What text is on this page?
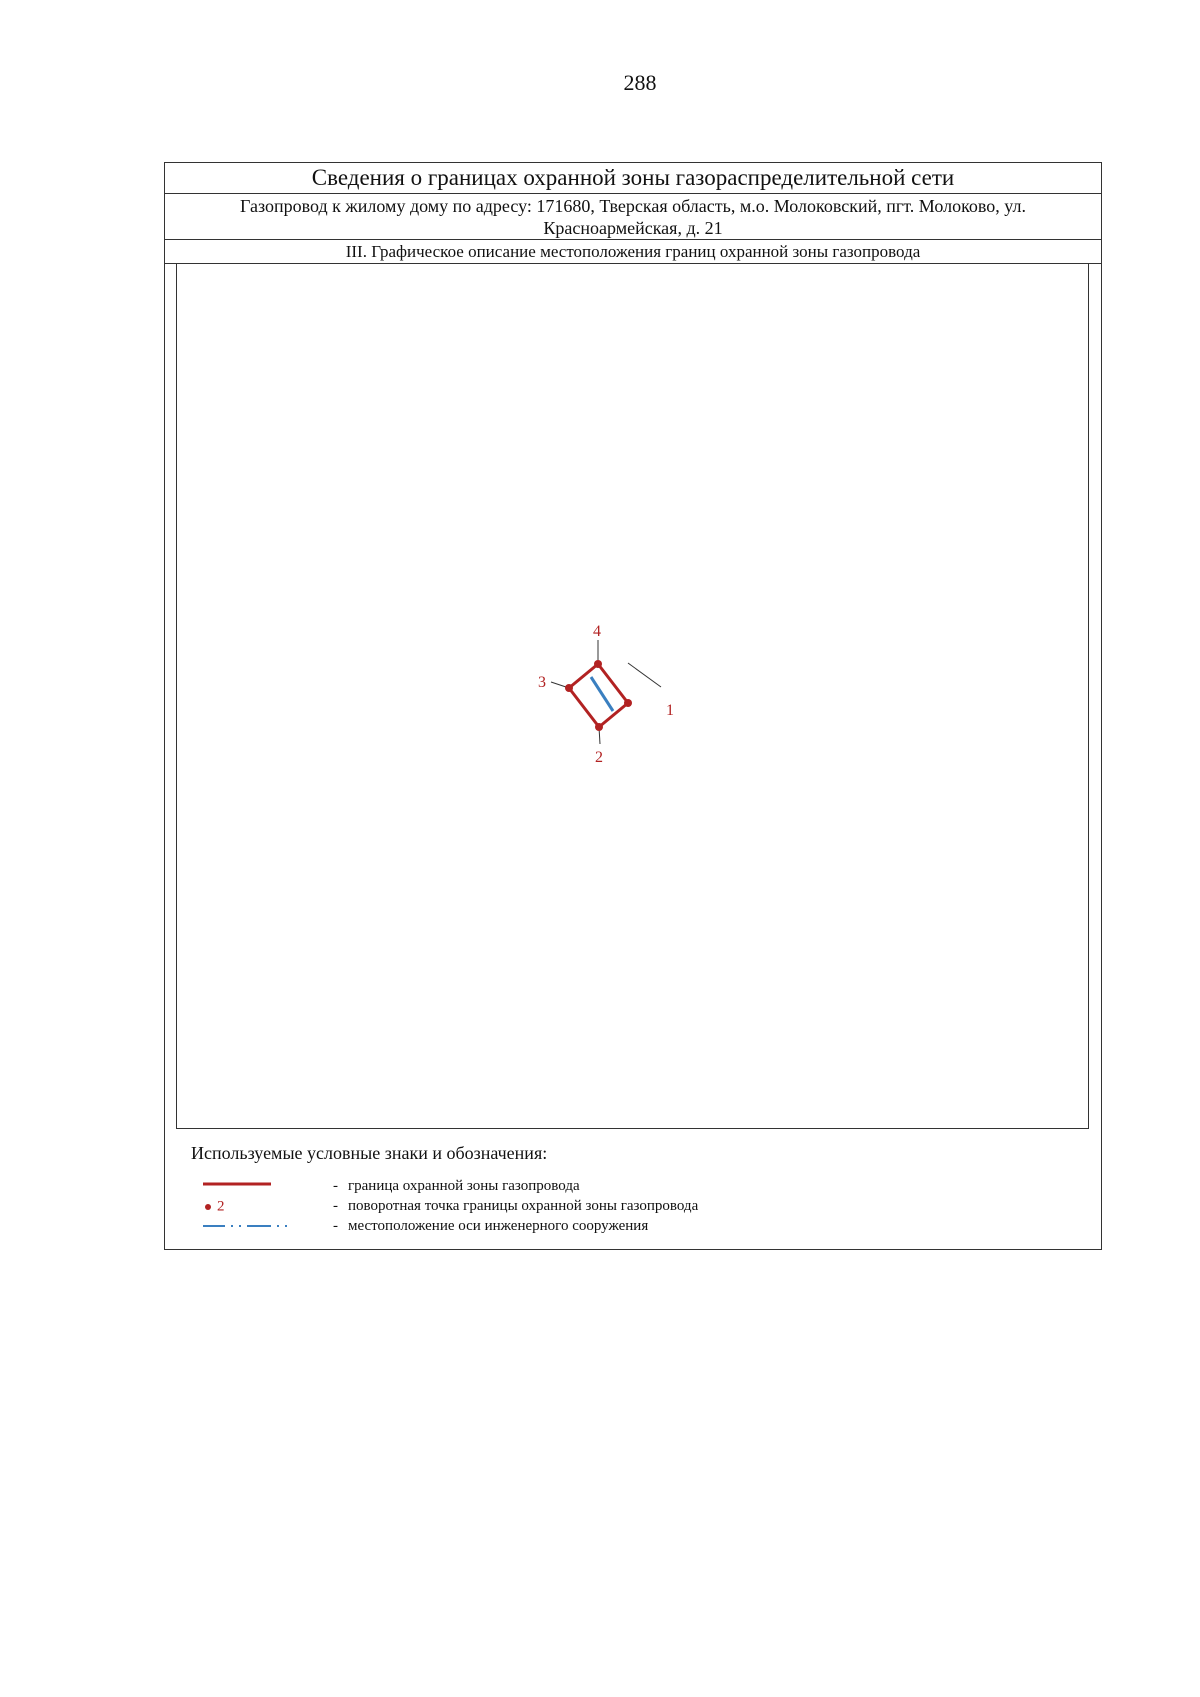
288
Сведения о границах охранной зоны газораспределительной сети
Газопровод к жилому дому по адресу: 171680, Тверская область, м.о. Молоковский, пгт. Молоково, ул. Красноармейская, д. 21
III. Графическое описание местоположения границ охранной зоны газопровода
1
2
3
4
Используемые условные знаки и обозначения:
- граница охранной зоны газопровода
2	- поворотная точка границы охранной зоны газопровода
- местоположение оси инженерного сооружения
